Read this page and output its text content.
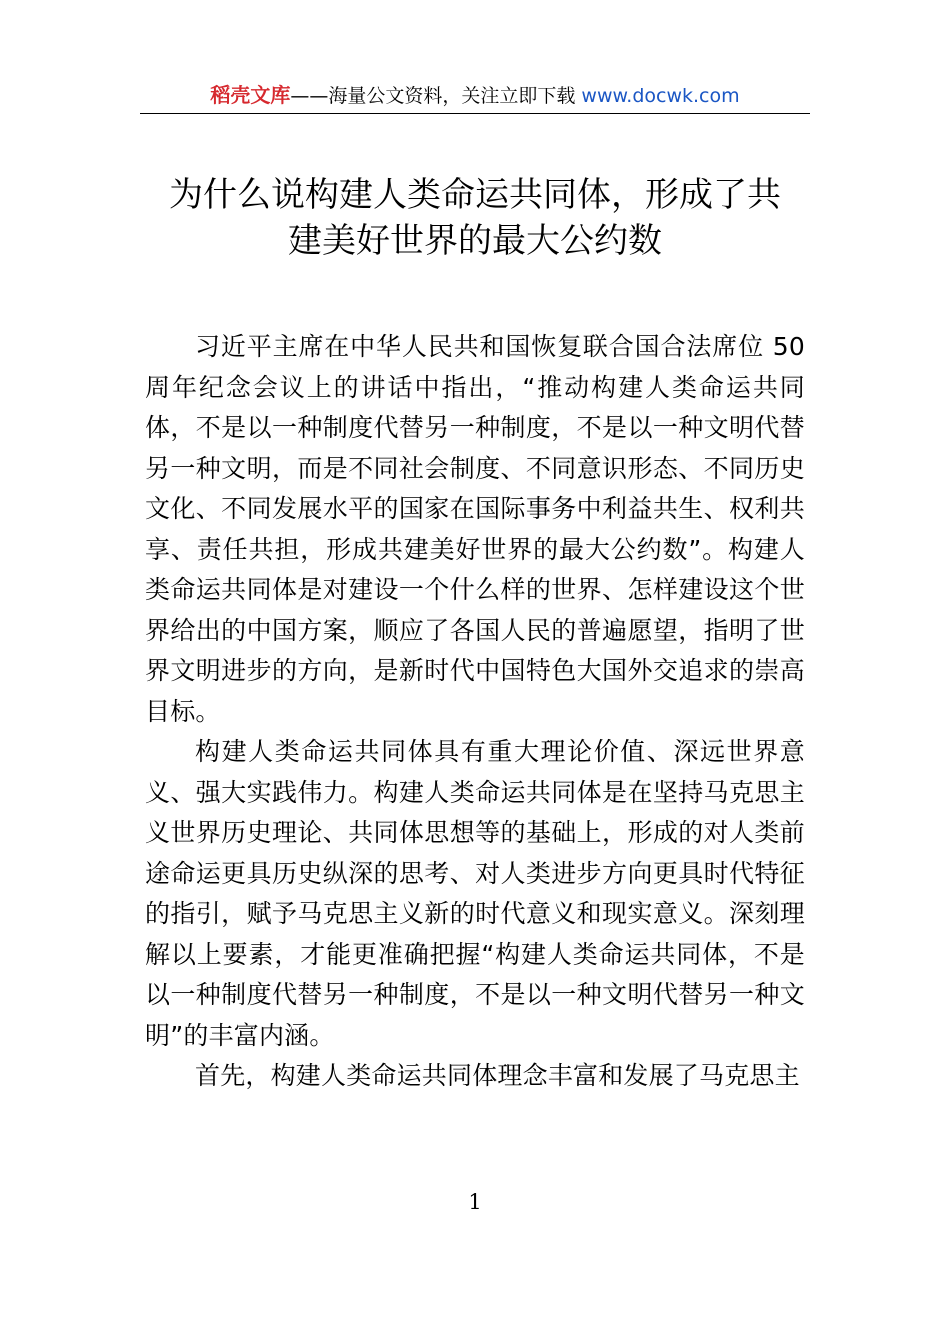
稻壳文库——海量公文资料，关注立即下载 www.docwk.com
为什么说构建人类命运共同体，形成了共
建美好世界的最大公约数

习近平主席在中华人民共和国恢复联合国合法席位 50 周年纪念会议上的讲话中指出，“推动构建人类命运共同体，不是以一种制度代替另一种制度，不是以一种文明代替另一种文明，而是不同社会制度、不同意识形态、不同历史文化、不同发展水平的国家在国际事务中利益共生、权利共享、责任共担，形成共建美好世界的最大公约数”。构建人类命运共同体是对建设一个什么样的世界、怎样建设这个世界给出的中国方案，顺应了各国人民的普遍愿望，指明了世界文明进步的方向，是新时代中国特色大国外交追求的崇高目标。

构建人类命运共同体具有重大理论价值、深远世界意义、强大实践伟力。构建人类命运共同体是在坚持马克思主义世界历史理论、共同体思想等的基础上，形成的对人类前途命运更具历史纵深的思考、对人类进步方向更具时代特征的指引，赋予马克思主义新的时代意义和现实意义。深刻理解以上要素，才能更准确把握“构建人类命运共同体，不是以一种制度代替另一种制度，不是以一种文明代替另一种文明”的丰富内涵。

首先，构建人类命运共同体理念丰富和发展了马克思主

1
